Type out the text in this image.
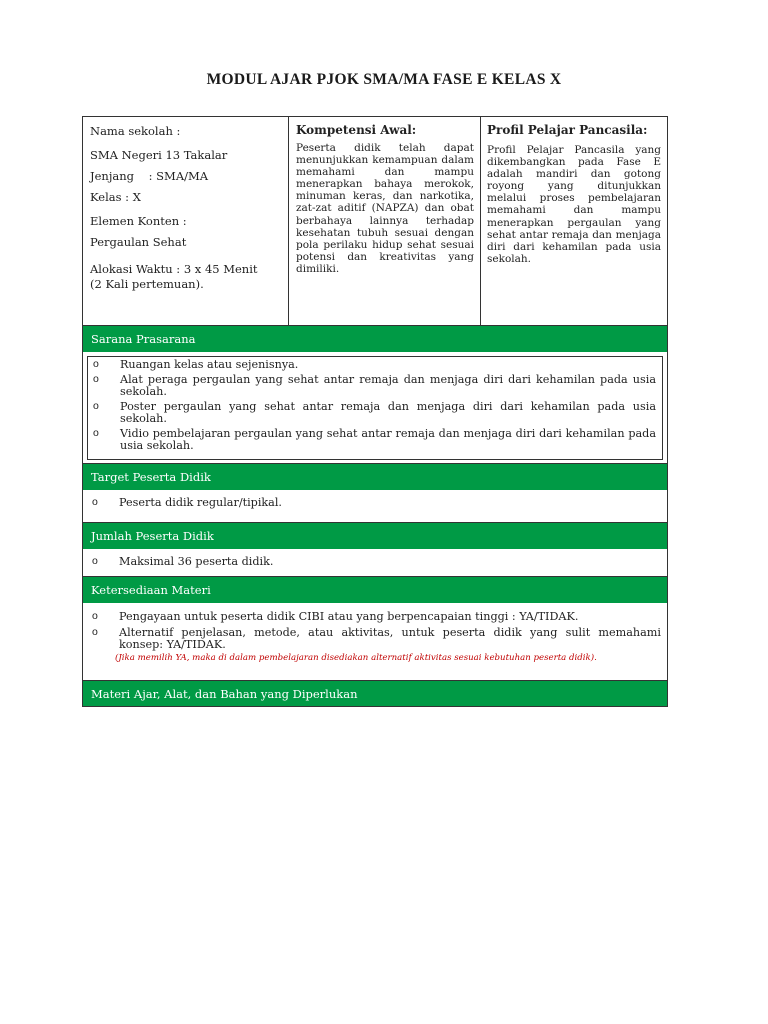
MODUL AJAR PJOK SMA/MA FASE E KELAS X
Nama sekolah :
SMA Negeri 13 Takalar
Jenjang    : SMA/MA
Kelas : X
Elemen Konten :
Pergaulan Sehat
Alokasi Waktu : 3 x 45 Menit
(2 Kali pertemuan).
Kompetensi Awal:
Peserta didik telah dapat menunjukkan kemampuan dalam memahami dan mampu menerapkan bahaya merokok, minuman keras, dan narkotika, zat-zat aditif (NAPZA) dan obat berbahaya lainnya terhadap kesehatan tubuh sesuai dengan pola perilaku hidup sehat sesuai potensi dan kreativitas yang dimiliki.
Profil Pelajar Pancasila:
Profil Pelajar Pancasila yang dikembangkan pada Fase E adalah mandiri dan gotong royong yang ditunjukkan melalui proses pembelajaran memahami dan mampu menerapkan pergaulan yang sehat antar remaja dan menjaga diri dari kehamilan pada usia sekolah.
Sarana Prasarana
o Ruangan kelas atau sejenisnya.
o Alat peraga pergaulan yang sehat antar remaja dan menjaga diri dari kehamilan pada usia sekolah.
o Poster pergaulan yang sehat antar remaja dan menjaga diri dari kehamilan pada usia sekolah.
o Vidio pembelajaran pergaulan yang sehat antar remaja dan menjaga diri dari kehamilan pada usia sekolah.
Target Peserta Didik
o Peserta didik regular/tipikal.
Jumlah Peserta Didik
o Maksimal 36 peserta didik.
Ketersediaan Materi
o Pengayaan untuk peserta didik CIBI atau yang berpencapaian tinggi : YA/TIDAK.
o Alternatif penjelasan, metode, atau aktivitas, untuk peserta didik yang sulit memahami konsep: YA/TIDAK.
(Jika memilih YA, maka di dalam pembelajaran disediakan alternatif aktivitas sesuai kebutuhan peserta didik).
Materi Ajar, Alat, dan Bahan yang Diperlukan
